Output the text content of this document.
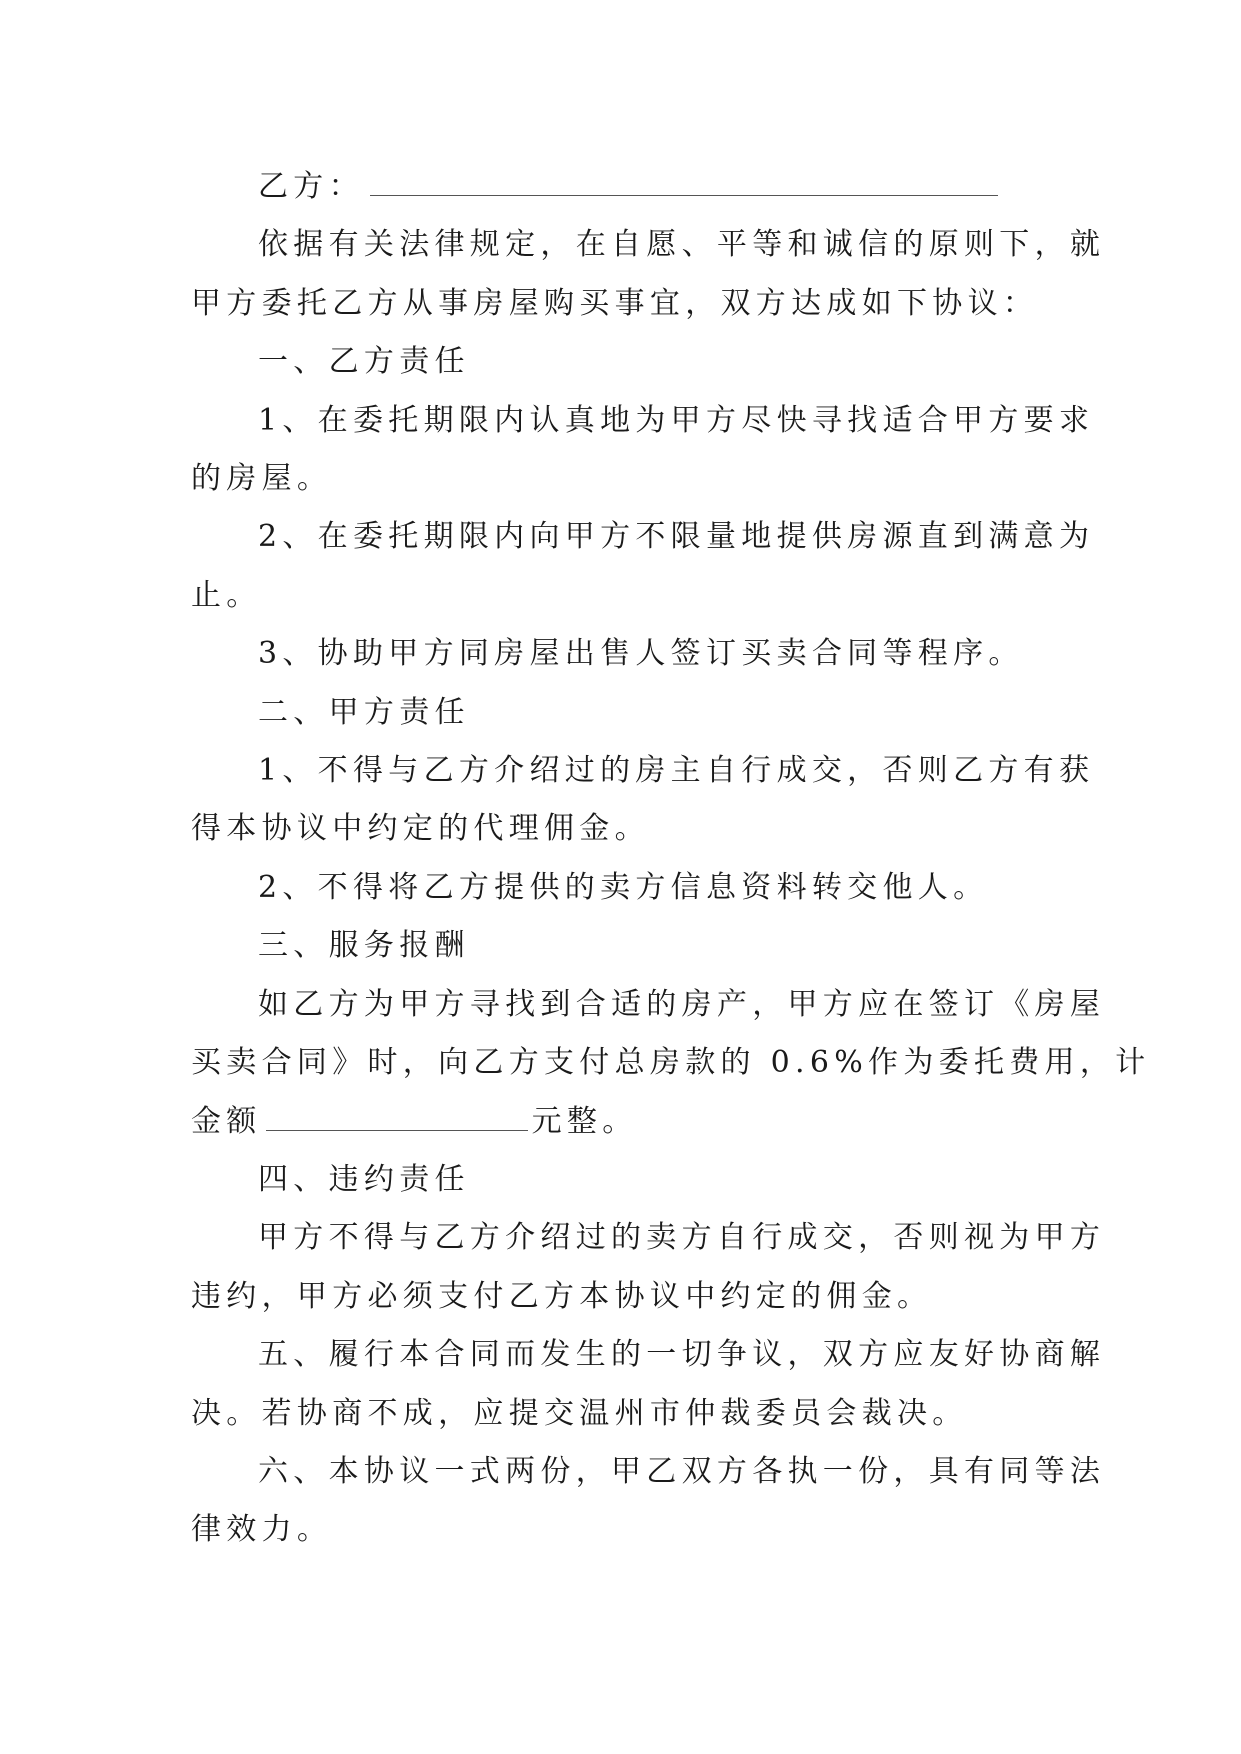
乙方：
依据有关法律规定，在自愿、平等和诚信的原则下，就
甲方委托乙方从事房屋购买事宜，双方达成如下协议：
一、乙方责任
1、在委托期限内认真地为甲方尽快寻找适合甲方要求
的房屋。
2、在委托期限内向甲方不限量地提供房源直到满意为
止。
3、协助甲方同房屋出售人签订买卖合同等程序。
二、甲方责任
1、不得与乙方介绍过的房主自行成交，否则乙方有获
得本协议中约定的代理佣金。
2、不得将乙方提供的卖方信息资料转交他人。
三、服务报酬
如乙方为甲方寻找到合适的房产，甲方应在签订《房屋
买卖合同》时，向乙方支付总房款的 0.6%作为委托费用，计
金额	元整。
四、违约责任
甲方不得与乙方介绍过的卖方自行成交，否则视为甲方
违约，甲方必须支付乙方本协议中约定的佣金。
五、履行本合同而发生的一切争议，双方应友好协商解
决。若协商不成，应提交温州市仲裁委员会裁决。
六、本协议一式两份，甲乙双方各执一份，具有同等法
律效力。
